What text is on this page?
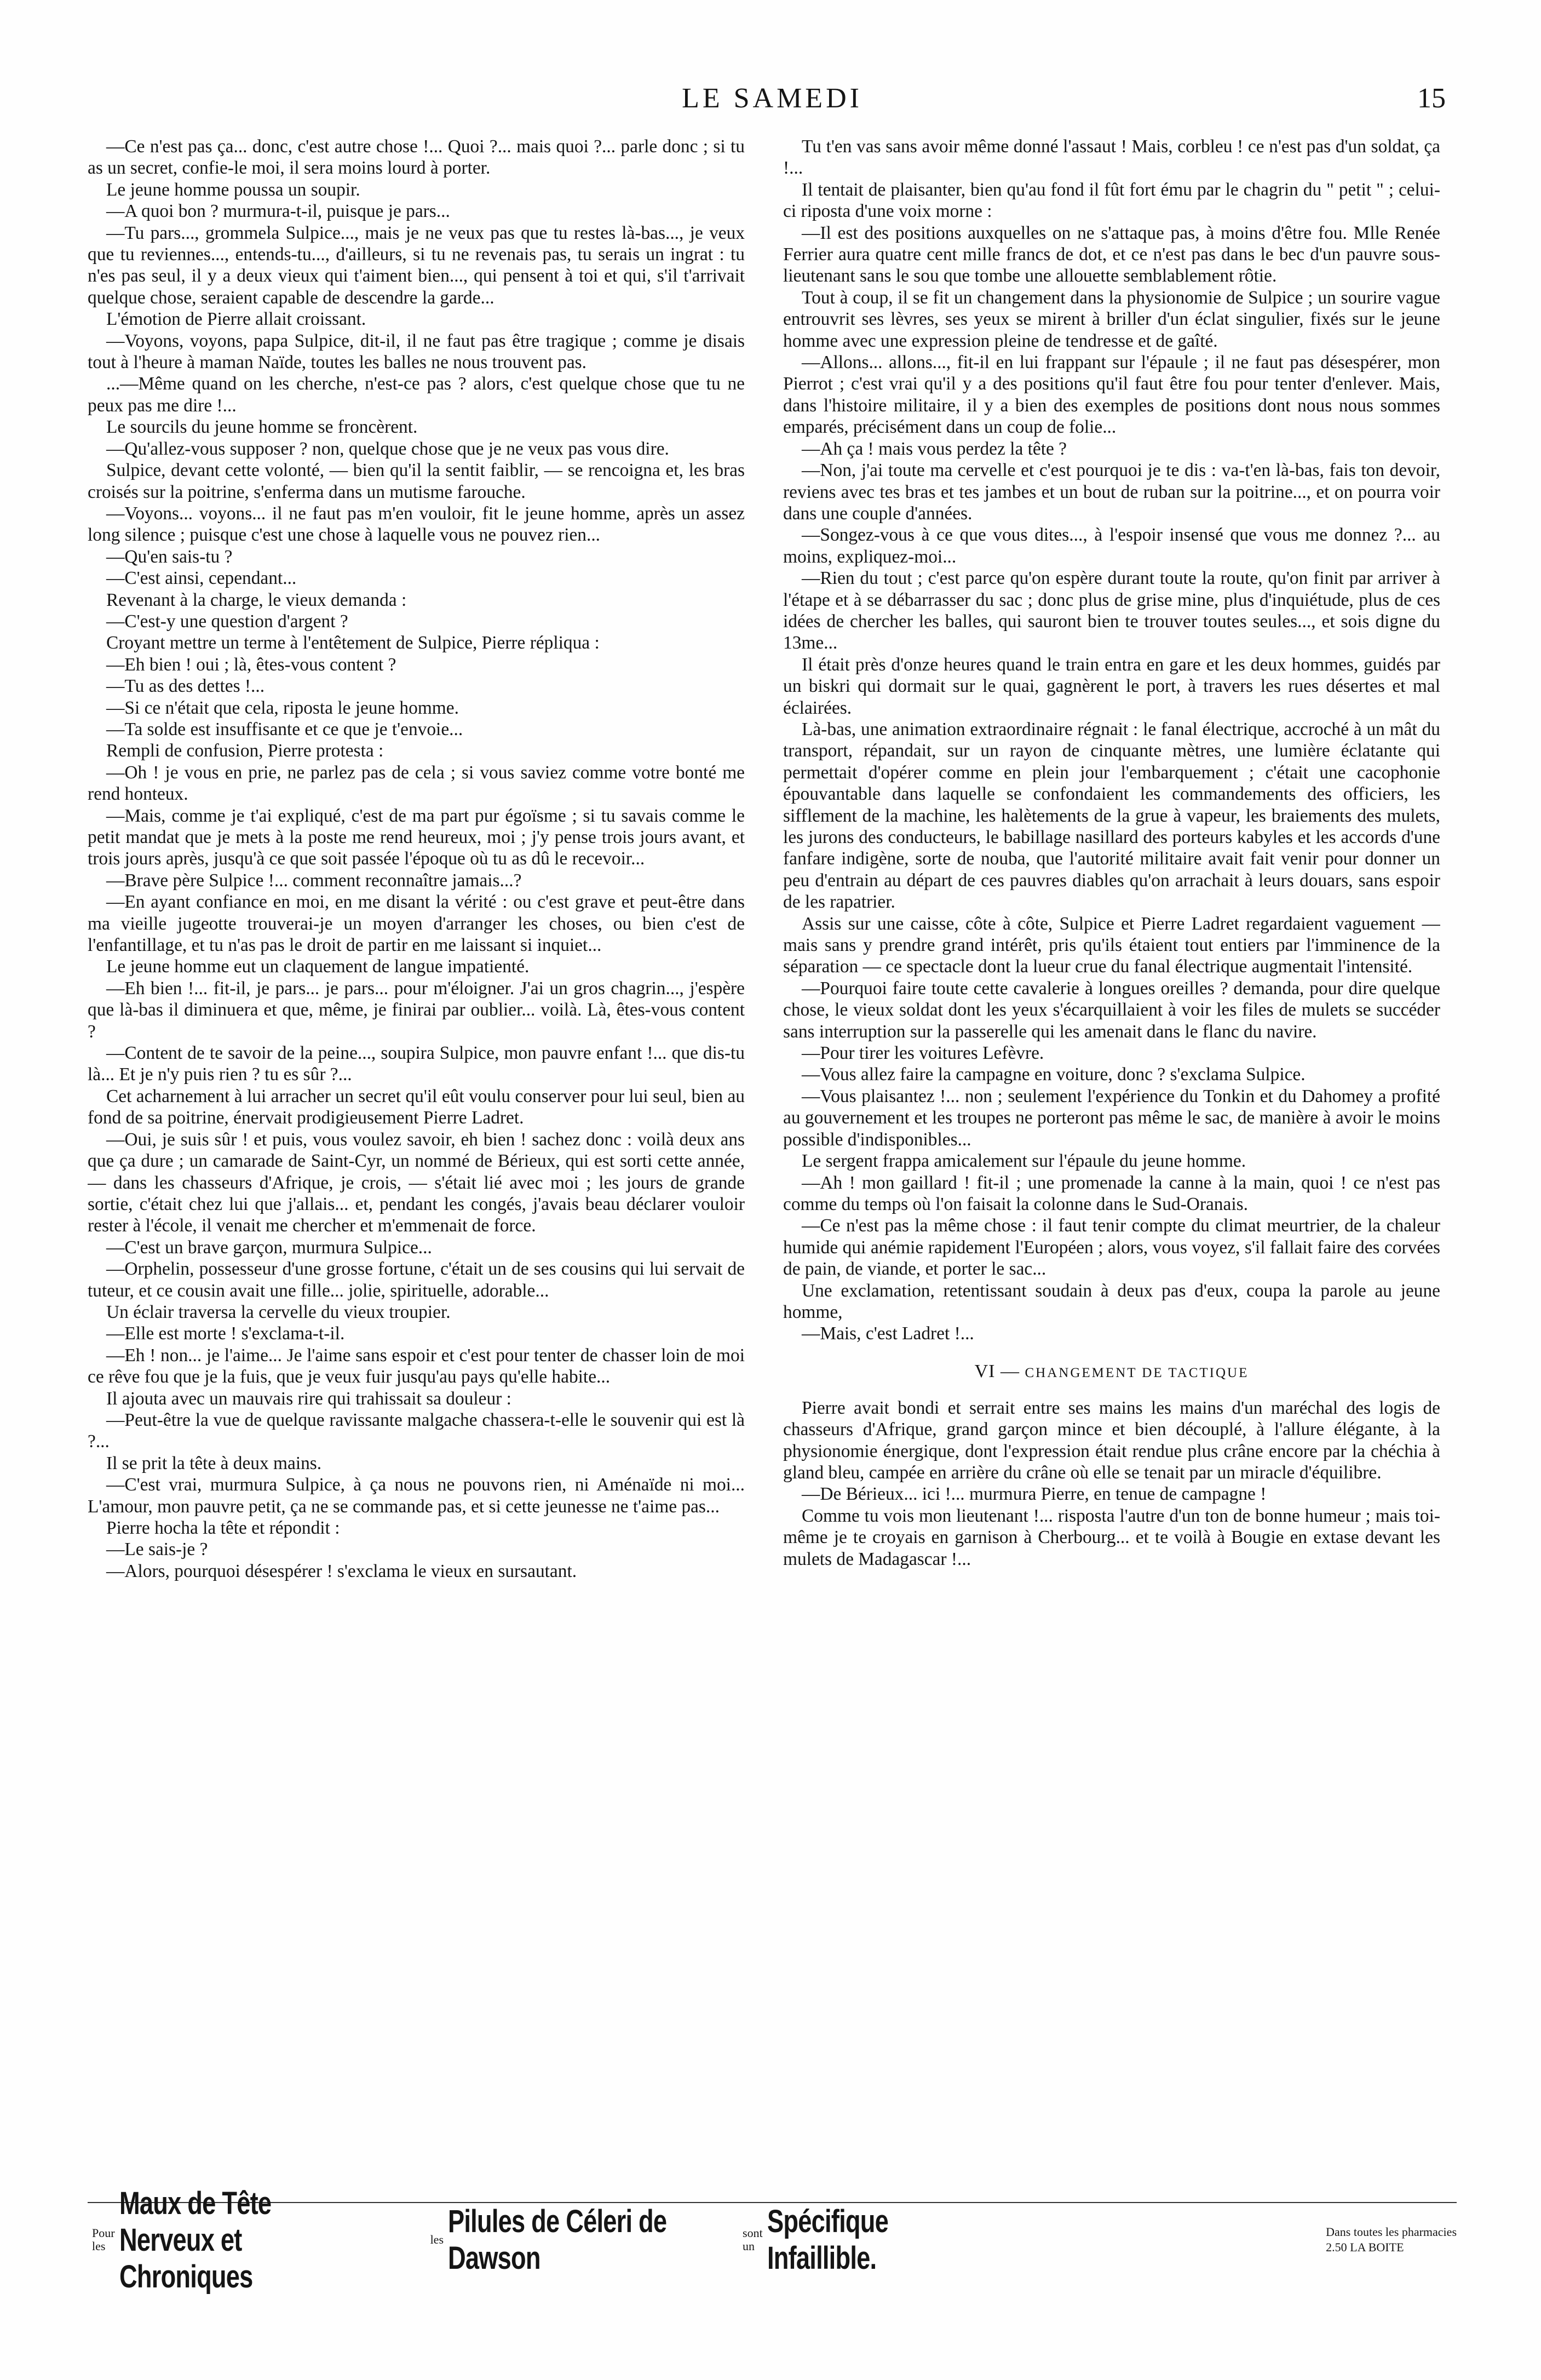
LE SAMEDI	15

—Ce n'est pas ça... donc, c'est autre chose !... Quoi ?... mais quoi ?... parle donc ; si tu as un secret, confie-le moi, il sera moins lourd à porter.

Le jeune homme poussa un soupir.

—A quoi bon ? murmura-t-il, puisque je pars...

—Tu pars..., grommela Sulpice..., mais je ne veux pas que tu restes là-bas..., je veux que tu reviennes..., entends-tu..., d'ailleurs, si tu ne revenais pas, tu serais un ingrat : tu n'es pas seul, il y a deux vieux qui t'aiment bien..., qui pensent à toi et qui, s'il t'arrivait quelque chose, seraient capable de descendre la garde...

L'émotion de Pierre allait croissant.

—Voyons, voyons, papa Sulpice, dit-il, il ne faut pas être tragique ; comme je disais tout à l'heure à maman Naïde, toutes les balles ne nous trouvent pas.

...—Même quand on les cherche, n'est-ce pas ? alors, c'est quelque chose que tu ne peux pas me dire !...

Le sourcils du jeune homme se froncèrent.

—Qu'allez-vous supposer ? non, quelque chose que je ne veux pas vous dire.

Sulpice, devant cette volonté, — bien qu'il la sentit faiblir, — se rencoigna et, les bras croisés sur la poitrine, s'enferma dans un mutisme farouche.

—Voyons... voyons... il ne faut pas m'en vouloir, fit le jeune homme, après un assez long silence ; puisque c'est une chose à laquelle vous ne pouvez rien...

—Qu'en sais-tu ?

—C'est ainsi, cependant...

Revenant à la charge, le vieux demanda :

—C'est-y une question d'argent ?

Croyant mettre un terme à l'entêtement de Sulpice, Pierre répliqua :

—Eh bien ! oui ; là, êtes-vous content ?

—Tu as des dettes !...

—Si ce n'était que cela, riposta le jeune homme.

—Ta solde est insuffisante et ce que je t'envoie...

Rempli de confusion, Pierre protesta :

—Oh ! je vous en prie, ne parlez pas de cela ; si vous saviez comme votre bonté me rend honteux.

—Mais, comme je t'ai expliqué, c'est de ma part pur égoïsme ; si tu savais comme le petit mandat que je mets à la poste me rend heureux, moi ; j'y pense trois jours avant, et trois jours après, jusqu'à ce que soit passée l'époque où tu as dû le recevoir...

—Brave père Sulpice !... comment reconnaître jamais...?

—En ayant confiance en moi, en me disant la vérité : ou c'est grave et peut-être dans ma vieille jugeotte trouverai-je un moyen d'arranger les choses, ou bien c'est de l'enfantillage, et tu n'as pas le droit de partir en me laissant si inquiet...

Le jeune homme eut un claquement de langue impatienté.

—Eh bien !... fit-il, je pars... je pars... pour m'éloigner. J'ai un gros chagrin..., j'espère que là-bas il diminuera et que, même, je finirai par oublier... voilà. Là, êtes-vous content ?

—Content de te savoir de la peine..., soupira Sulpice, mon pauvre enfant !... que dis-tu là... Et je n'y puis rien ? tu es sûr ?...

Cet acharnement à lui arracher un secret qu'il eût voulu conserver pour lui seul, bien au fond de sa poitrine, énervait prodigieusement Pierre Ladret.

—Oui, je suis sûr ! et puis, vous voulez savoir, eh bien ! sachez donc : voilà deux ans que ça dure ; un camarade de Saint-Cyr, un nommé de Bérieux, qui est sorti cette année, — dans les chasseurs d'Afrique, je crois, — s'était lié avec moi ; les jours de grande sortie, c'était chez lui que j'allais... et, pendant les congés, j'avais beau déclarer vouloir rester à l'école, il venait me chercher et m'emmenait de force.

—C'est un brave garçon, murmura Sulpice...

—Orphelin, possesseur d'une grosse fortune, c'était un de ses cousins qui lui servait de tuteur, et ce cousin avait une fille... jolie, spirituelle, adorable...

Un éclair traversa la cervelle du vieux troupier.

—Elle est morte ! s'exclama-t-il.

—Eh ! non... je l'aime... Je l'aime sans espoir et c'est pour tenter de chasser loin de moi ce rêve fou que je la fuis, que je veux fuir jusqu'au pays qu'elle habite...

Il ajouta avec un mauvais rire qui trahissait sa douleur :

—Peut-être la vue de quelque ravissante malgache chassera-t-elle le souvenir qui est là ?...

Il se prit la tête à deux mains.

—C'est vrai, murmura Sulpice, à ça nous ne pouvons rien, ni Aménaïde ni moi... L'amour, mon pauvre petit, ça ne se commande pas, et si cette jeunesse ne t'aime pas...

Pierre hocha la tête et répondit :

—Le sais-je ?

—Alors, pourquoi désespérer ! s'exclama le vieux en sursautant.

Tu t'en vas sans avoir même donné l'assaut ! Mais, corbleu ! ce n'est pas d'un soldat, ça !...

Il tentait de plaisanter, bien qu'au fond il fût fort ému par le chagrin du " petit " ; celui-ci riposta d'une voix morne :

—Il est des positions auxquelles on ne s'attaque pas, à moins d'être fou. Mlle Renée Ferrier aura quatre cent mille francs de dot, et ce n'est pas dans le bec d'un pauvre sous-lieutenant sans le sou que tombe une allouette semblablement rôtie.

Tout à coup, il se fit un changement dans la physionomie de Sulpice ; un sourire vague entrouvrit ses lèvres, ses yeux se mirent à briller d'un éclat singulier, fixés sur le jeune homme avec une expression pleine de tendresse et de gaîté.

—Allons... allons..., fit-il en lui frappant sur l'épaule ; il ne faut pas désespérer, mon Pierrot ; c'est vrai qu'il y a des positions qu'il faut être fou pour tenter d'enlever. Mais, dans l'histoire militaire, il y a bien des exemples de positions dont nous nous sommes emparés, précisément dans un coup de folie...

—Ah ça ! mais vous perdez la tête ?

—Non, j'ai toute ma cervelle et c'est pourquoi je te dis : va-t'en là-bas, fais ton devoir, reviens avec tes bras et tes jambes et un bout de ruban sur la poitrine..., et on pourra voir dans une couple d'années.

—Songez-vous à ce que vous dites..., à l'espoir insensé que vous me donnez ?... au moins, expliquez-moi...

—Rien du tout ; c'est parce qu'on espère durant toute la route, qu'on finit par arriver à l'étape et à se débarrasser du sac ; donc plus de grise mine, plus d'inquiétude, plus de ces idées de chercher les balles, qui sauront bien te trouver toutes seules..., et sois digne du 13me...

Il était près d'onze heures quand le train entra en gare et les deux hommes, guidés par un biskri qui dormait sur le quai, gagnèrent le port, à travers les rues désertes et mal éclairées.

Là-bas, une animation extraordinaire régnait : le fanal électrique, accroché à un mât du transport, répandait, sur un rayon de cinquante mètres, une lumière éclatante qui permettait d'opérer comme en plein jour l'embarquement ; c'était une cacophonie épouvantable dans laquelle se confondaient les commandements des officiers, les sifflement de la machine, les halètements de la grue à vapeur, les braiements des mulets, les jurons des conducteurs, le babillage nasillard des porteurs kabyles et les accords d'une fanfare indigène, sorte de nouba, que l'autorité militaire avait fait venir pour donner un peu d'entrain au départ de ces pauvres diables qu'on arrachait à leurs douars, sans espoir de les rapatrier.

Assis sur une caisse, côte à côte, Sulpice et Pierre Ladret regardaient vaguement — mais sans y prendre grand intérêt, pris qu'ils étaient tout entiers par l'imminence de la séparation — ce spectacle dont la lueur crue du fanal électrique augmentait l'intensité.

—Pourquoi faire toute cette cavalerie à longues oreilles ? demanda, pour dire quelque chose, le vieux soldat dont les yeux s'écarquillaient à voir les files de mulets se succéder sans interruption sur la passerelle qui les amenait dans le flanc du navire.

—Pour tirer les voitures Lefèvre.

—Vous allez faire la campagne en voiture, donc ? s'exclama Sulpice.

—Vous plaisantez !... non ; seulement l'expérience du Tonkin et du Dahomey a profité au gouvernement et les troupes ne porteront pas même le sac, de manière à avoir le moins possible d'indisponibles...

Le sergent frappa amicalement sur l'épaule du jeune homme.

—Ah ! mon gaillard ! fit-il ; une promenade la canne à la main, quoi ! ce n'est pas comme du temps où l'on faisait la colonne dans le Sud-Oranais.

—Ce n'est pas la même chose : il faut tenir compte du climat meurtrier, de la chaleur humide qui anémie rapidement l'Européen ; alors, vous voyez, s'il fallait faire des corvées de pain, de viande, et porter le sac...

Une exclamation, retentissant soudain à deux pas d'eux, coupa la parole au jeune homme,

—Mais, c'est Ladret !...

VI — CHANGEMENT DE TACTIQUE

Pierre avait bondi et serrait entre ses mains les mains d'un maréchal des logis de chasseurs d'Afrique, grand garçon mince et bien découplé, à l'allure élégante, à la physionomie énergique, dont l'expression était rendue plus crâne encore par la chéchia à gland bleu, campée en arrière du crâne où elle se tenait par un miracle d'équilibre.

—De Bérieux... ici !... murmura Pierre, en tenue de campagne !

Comme tu vois mon lieutenant !... risposta l'autre d'un ton de bonne humeur ; mais toi-même je te croyais en garnison à Cherbourg... et te voilà à Bougie en extase devant les mulets de Madagascar !...

Pour
les
Maux de Tête Nerveux et Chroniques
les
Pilules de Céleri de Dawson
sont
un
Spécifique Infaillible.
Dans toutes les pharmacies
2.50 LA BOITE
